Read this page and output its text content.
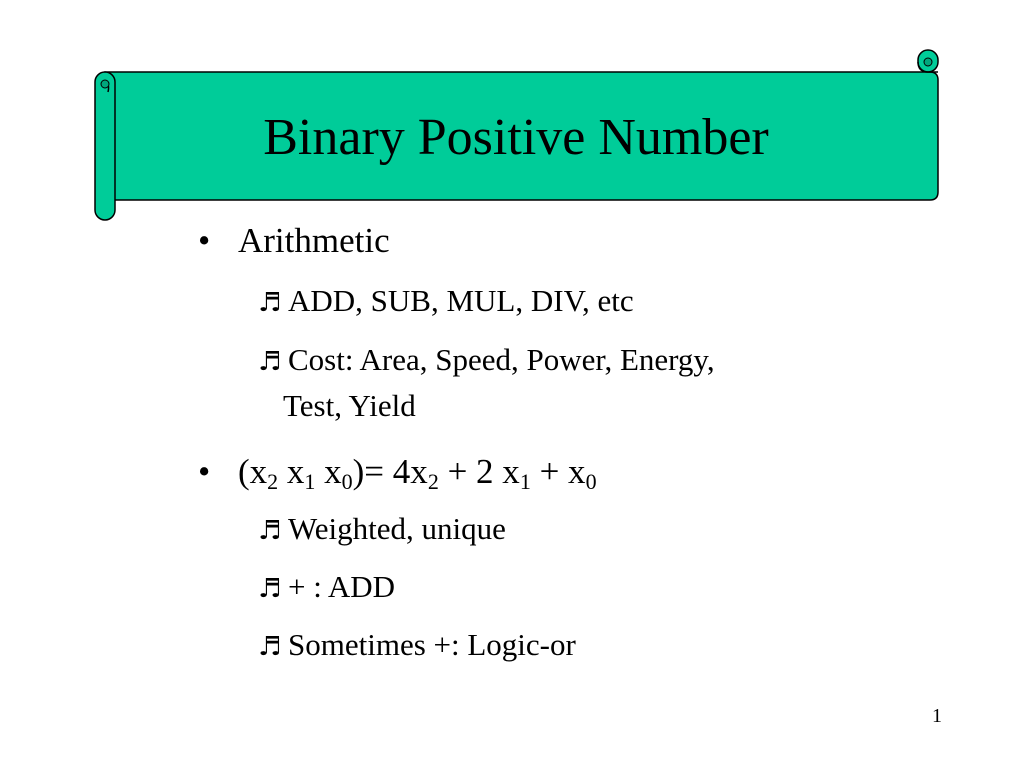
Binary Positive Number
• Arithmetic
♬ ADD, SUB, MUL, DIV, etc
♬ Cost: Area, Speed, Power, Energy,
Test, Yield
• ($x_2$ $x_1$ $x_0)= 4x_2 + 2$ $x_1 + x_0$
♬ Weighted, unique
♬ + : ADD
♬ Sometimes +: Logic-or
1
